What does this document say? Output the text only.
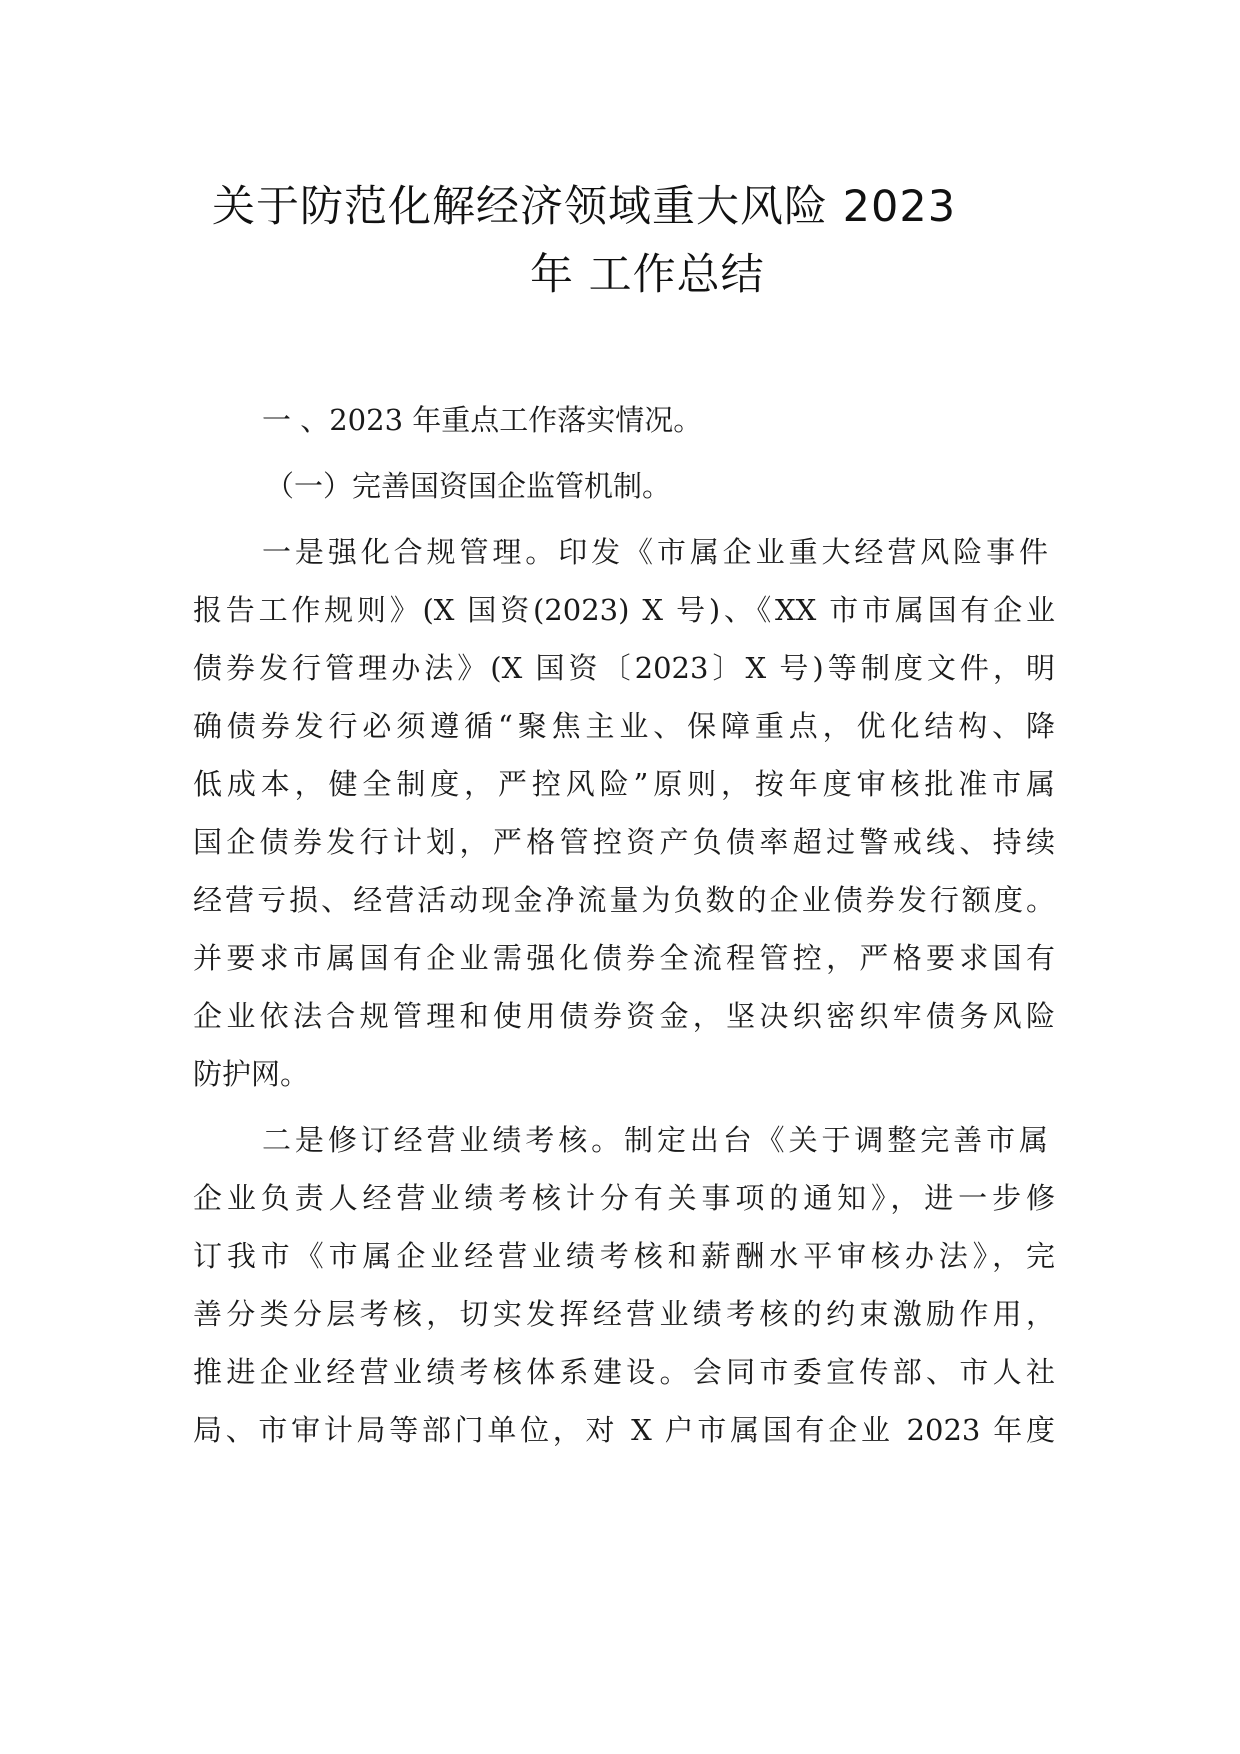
关于防范化解经济领域重大风险 2023
年 工作总结
一 、2023 年重点工作落实情况。
（一）完善国资国企监管机制。
一是强化合规管理。印发《市属企业重大经营风险事件
报告工作规则》(X 国资(2023) X 号)、《XX 市市属国有企业
债券发行管理办法》(X 国资〔2023〕X 号)等制度文件，明
确债券发行必须遵循“聚焦主业、保障重点，优化结构、降
低成本，健全制度，严控风险”原则，按年度审核批准市属
国企债券发行计划，严格管控资产负债率超过警戒线、持续
经营亏损、经营活动现金净流量为负数的企业债券发行额度。
并要求市属国有企业需强化债券全流程管控，严格要求国有
企业依法合规管理和使用债券资金，坚决织密织牢债务风险
防护网。
二是修订经营业绩考核。制定出台《关于调整完善市属
企业负责人经营业绩考核计分有关事项的通知》，进一步修
订我市《市属企业经营业绩考核和薪酬水平审核办法》，完
善分类分层考核，切实发挥经营业绩考核的约束激励作用，
推进企业经营业绩考核体系建设。会同市委宣传部、市人社
局、市审计局等部门单位，对 X 户市属国有企业 2023 年度
